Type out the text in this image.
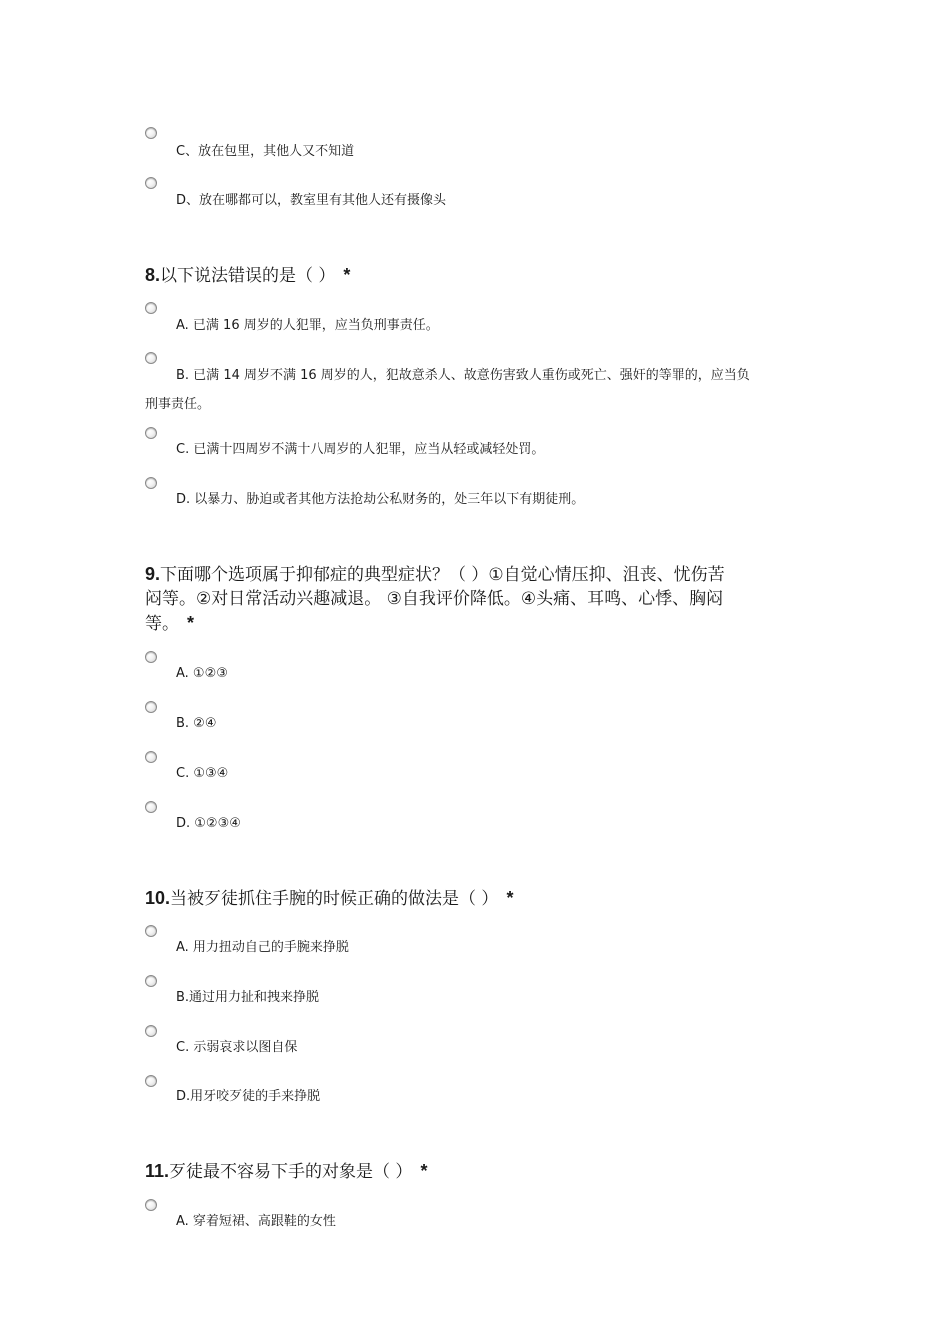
C、放在包里，其他人又不知道
D、放在哪都可以，教室里有其他人还有摄像头
8.以下说法错误的是（ ） *
A. 已满 16 周岁的人犯罪，应当负刑事责任。
B. 已满 14 周岁不满 16 周岁的人，犯故意杀人、故意伤害致人重伤或死亡、强奸的等罪的，应当负
刑事责任。
C. 已满十四周岁不满十八周岁的人犯罪，应当从轻或减轻处罚。
D. 以暴力、胁迫或者其他方法抢劫公私财务的，处三年以下有期徒刑。
9.下面哪个选项属于抑郁症的典型症状？（ ）①自觉心情压抑、沮丧、忧伤苦
闷等。②对日常活动兴趣减退。 ③自我评价降低。④头痛、耳鸣、心悸、胸闷
等。 *
A. ①②③
B. ②④
C. ①③④
D. ①②③④
10.当被歹徒抓住手腕的时候正确的做法是（ ） *
A. 用力扭动自己的手腕来挣脱
B.通过用力扯和拽来挣脱
C. 示弱哀求以图自保
D.用牙咬歹徒的手来挣脱
11.歹徒最不容易下手的对象是（ ） *
A. 穿着短裙、高跟鞋的女性
